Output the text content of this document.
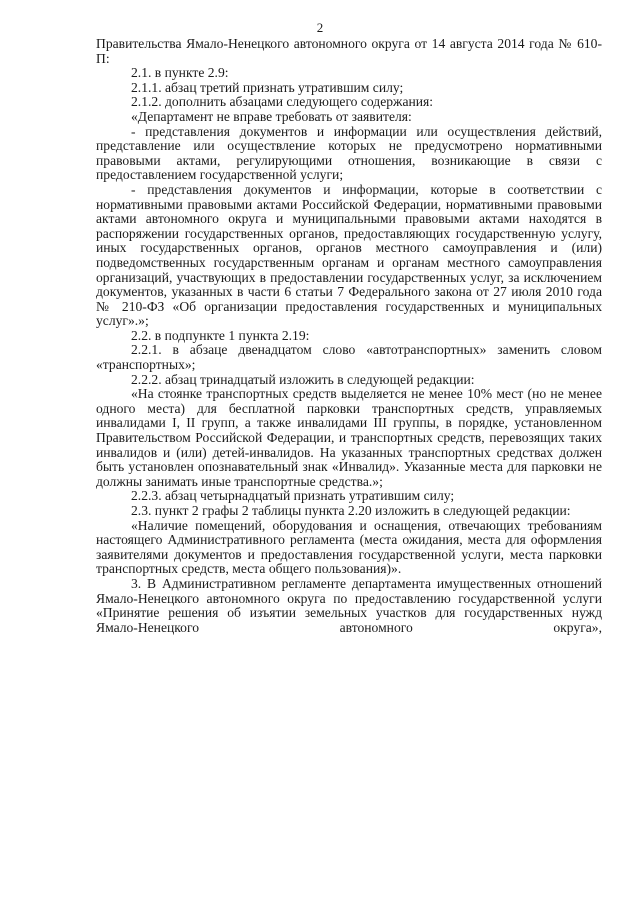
2

Правительства Ямало-Ненецкого автономного округа от 14 августа 2014 года № 610-П:

2.1. в пункте 2.9:

2.1.1. абзац третий признать утратившим силу;

2.1.2. дополнить абзацами следующего содержания:

«Департамент не вправе требовать от заявителя:

- представления документов и информации или осуществления действий, представление или осуществление которых не предусмотрено нормативными правовыми актами, регулирующими отношения, возникающие в связи с предоставлением государственной услуги;

- представления документов и информации, которые в соответствии с нормативными правовыми актами Российской Федерации, нормативными правовыми актами автономного округа и муниципальными правовыми актами находятся в распоряжении государственных органов, предоставляющих государственную услугу, иных государственных органов, органов местного самоуправления и (или) подведомственных государственным органам и органам местного самоуправления организаций, участвующих в предоставлении государственных услуг, за исключением документов, указанных в части 6 статьи 7 Федерального закона от 27 июля 2010 года № 210-ФЗ «Об организации предоставления государственных и муниципальных услуг».»;

2.2. в подпункте 1 пункта 2.19:

2.2.1. в абзаце двенадцатом слово «автотранспортных» заменить словом «транспортных»;

2.2.2. абзац тринадцатый изложить в следующей редакции:

«На стоянке транспортных средств выделяется не менее 10% мест (но не менее одного места) для бесплатной парковки транспортных средств, управляемых инвалидами I, II групп, а также инвалидами III группы, в порядке, установленном Правительством Российской Федерации, и транспортных средств, перевозящих таких инвалидов и (или) детей-инвалидов. На указанных транспортных средствах должен быть установлен опознавательный знак «Инвалид». Указанные места для парковки не должны занимать иные транспортные средства.»;

2.2.3. абзац четырнадцатый признать утратившим силу;

2.3. пункт 2 графы 2 таблицы пункта 2.20 изложить в следующей редакции:

«Наличие помещений, оборудования и оснащения, отвечающих требованиям настоящего Административного регламента (места ожидания, места для оформления заявителями документов и предоставления государственной услуги, места парковки транспортных средств, места общего пользования)».

3. В Административном регламенте департамента имущественных отношений Ямало-Ненецкого автономного округа по предоставлению государственной услуги «Принятие решения об изъятии земельных участков для государственных нужд Ямало-Ненецкого автономного округа»,
